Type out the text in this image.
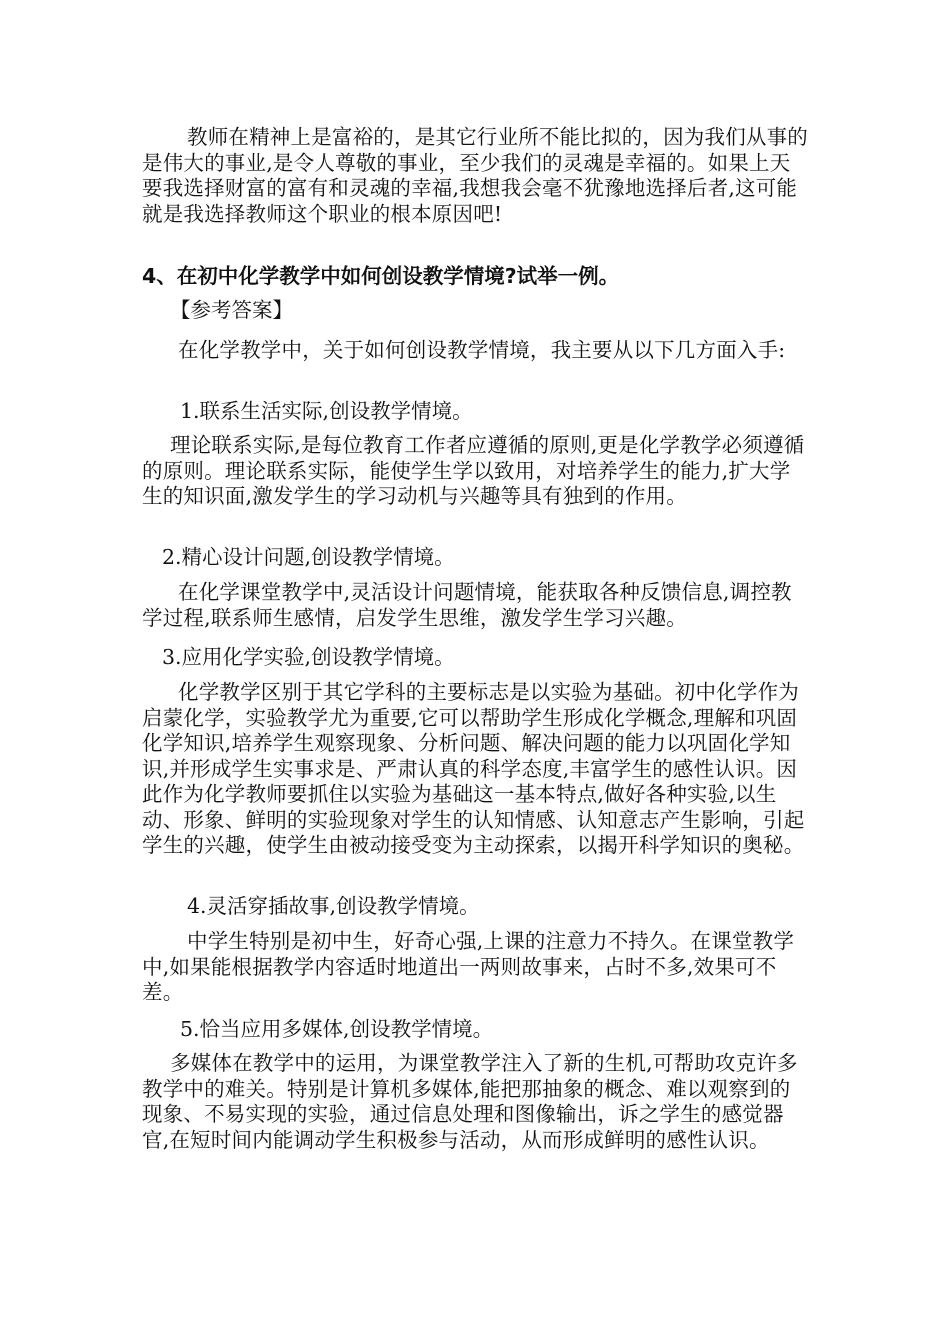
教师在精神上是富裕的，是其它行业所不能比拟的，因为我们从事的是伟大的事业,是令人尊敬的事业，至少我们的灵魂是幸福的。如果上天要我选择财富的富有和灵魂的幸福,我想我会毫不犹豫地选择后者,这可能就是我选择教师这个职业的根本原因吧!

4、在初中化学教学中如何创设教学情境?试举一例。

【参考答案】

在化学教学中，关于如何创设教学情境，我主要从以下几方面入手:

1.联系生活实际,创设教学情境。

理论联系实际,是每位教育工作者应遵循的原则,更是化学教学必须遵循的原则。理论联系实际，能使学生学以致用，对培养学生的能力,扩大学生的知识面,激发学生的学习动机与兴趣等具有独到的作用。

2.精心设计问题,创设教学情境。

在化学课堂教学中,灵活设计问题情境，能获取各种反馈信息,调控教学过程,联系师生感情，启发学生思维，激发学生学习兴趣。

3.应用化学实验,创设教学情境。

化学教学区别于其它学科的主要标志是以实验为基础。初中化学作为启蒙化学，实验教学尤为重要,它可以帮助学生形成化学概念,理解和巩固化学知识,培养学生观察现象、分析问题、解决问题的能力以巩固化学知识,并形成学生实事求是、严肃认真的科学态度,丰富学生的感性认识。因此作为化学教师要抓住以实验为基础这一基本特点,做好各种实验,以生动、形象、鲜明的实验现象对学生的认知情感、认知意志产生影响，引起学生的兴趣，使学生由被动接受变为主动探索，以揭开科学知识的奥秘。

4.灵活穿插故事,创设教学情境。

中学生特别是初中生，好奇心强,上课的注意力不持久。在课堂教学中,如果能根据教学内容适时地道出一两则故事来，占时不多,效果可不差。

5.恰当应用多媒体,创设教学情境。

多媒体在教学中的运用，为课堂教学注入了新的生机,可帮助攻克许多教学中的难关。特别是计算机多媒体,能把那抽象的概念、难以观察到的现象、不易实现的实验，通过信息处理和图像输出，诉之学生的感觉器官,在短时间内能调动学生积极参与活动，从而形成鲜明的感性认识。
